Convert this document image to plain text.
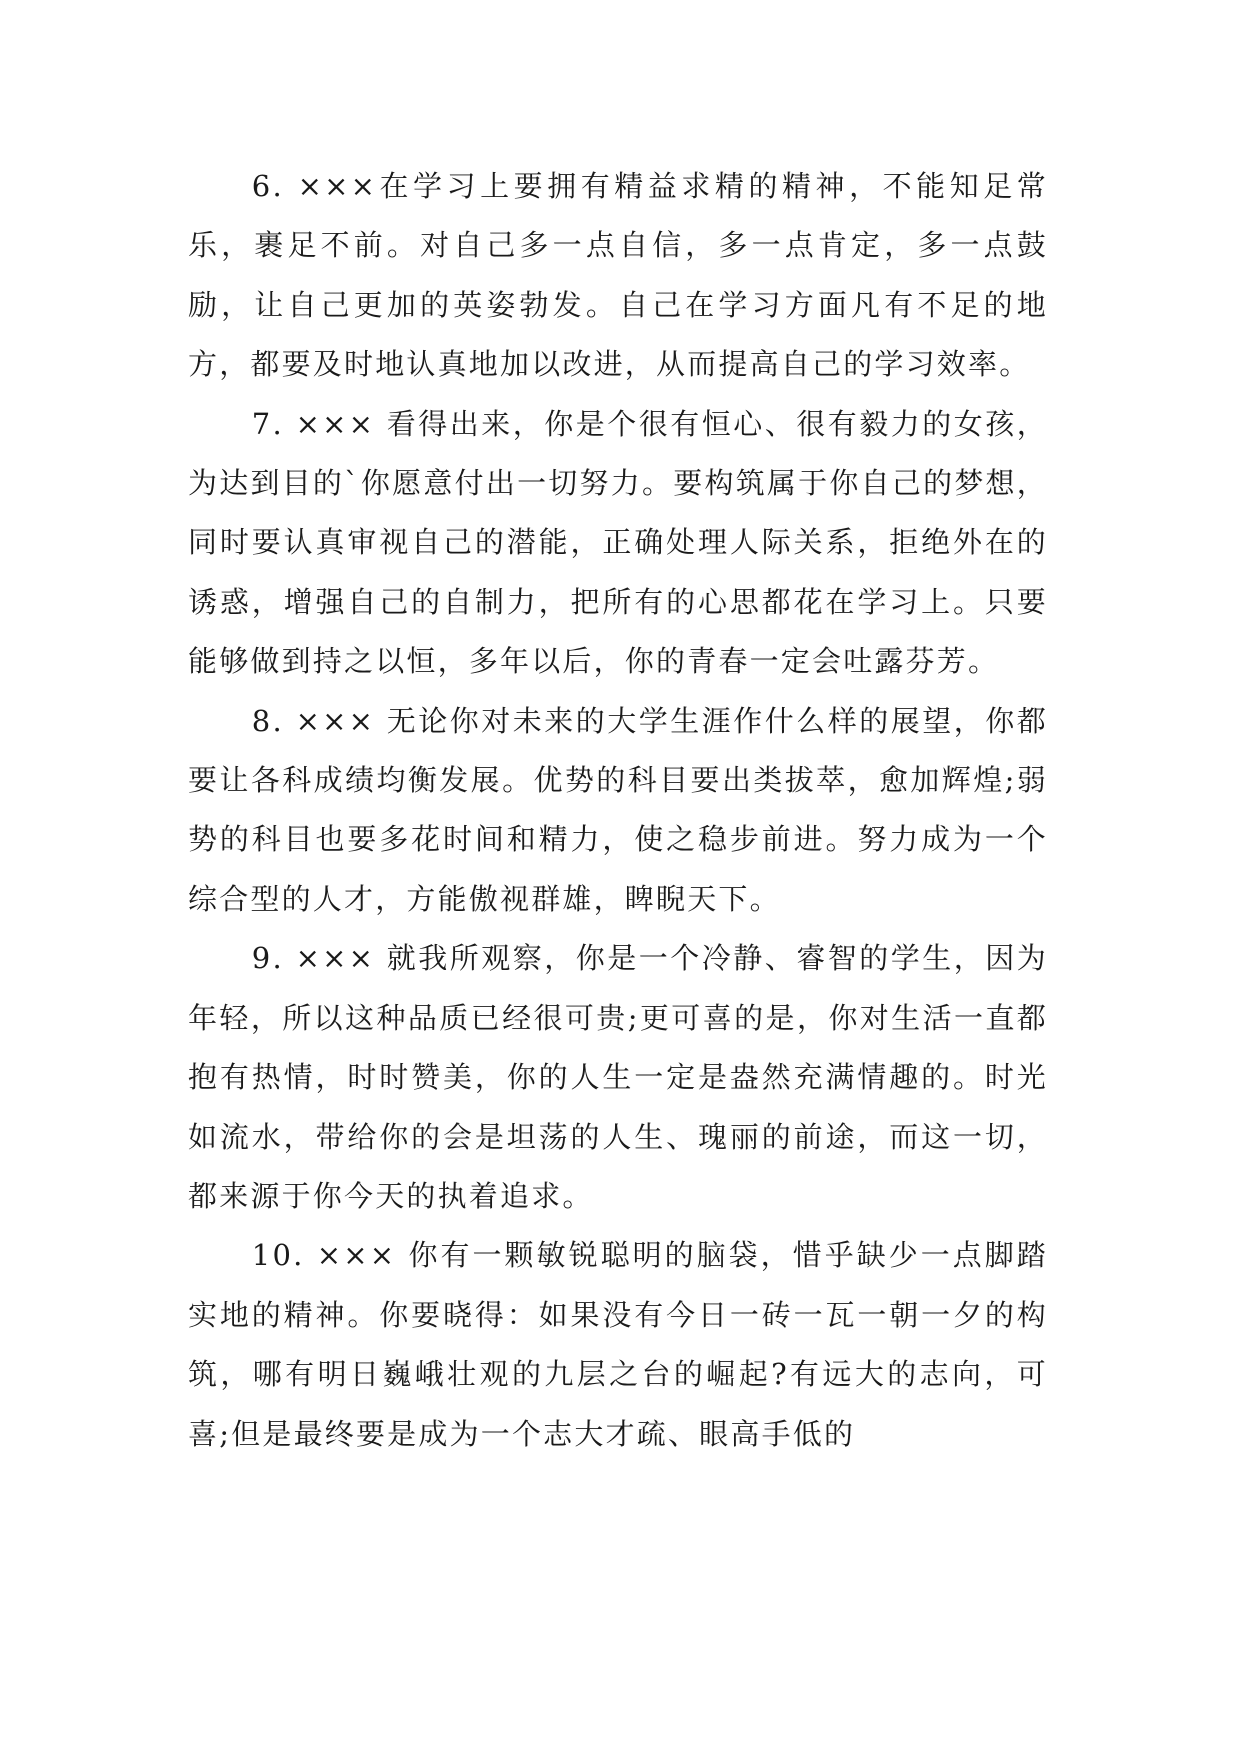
6. ×××在学习上要拥有精益求精的精神，不能知足常乐，裹足不前。对自己多一点自信，多一点肯定，多一点鼓励，让自己更加的英姿勃发。自己在学习方面凡有不足的地方，都要及时地认真地加以改进，从而提高自己的学习效率。

7. ××× 看得出来，你是个很有恒心、很有毅力的女孩，为达到目的`你愿意付出一切努力。要构筑属于你自己的梦想，同时要认真审视自己的潜能，正确处理人际关系，拒绝外在的诱惑，增强自己的自制力，把所有的心思都花在学习上。只要能够做到持之以恒，多年以后，你的青春一定会吐露芬芳。

8. ××× 无论你对未来的大学生涯作什么样的展望，你都要让各科成绩均衡发展。优势的科目要出类拔萃，愈加辉煌;弱势的科目也要多花时间和精力，使之稳步前进。努力成为一个综合型的人才，方能傲视群雄，睥睨天下。

9. ××× 就我所观察，你是一个冷静、睿智的学生，因为年轻，所以这种品质已经很可贵;更可喜的是，你对生活一直都抱有热情，时时赞美，你的人生一定是盎然充满情趣的。时光如流水，带给你的会是坦荡的人生、瑰丽的前途，而这一切，都来源于你今天的执着追求。

10. ××× 你有一颗敏锐聪明的脑袋，惜乎缺少一点脚踏实地的精神。你要晓得：如果没有今日一砖一瓦一朝一夕的构筑，哪有明日巍峨壮观的九层之台的崛起?有远大的志向，可喜;但是最终要是成为一个志大才疏、眼高手低的
